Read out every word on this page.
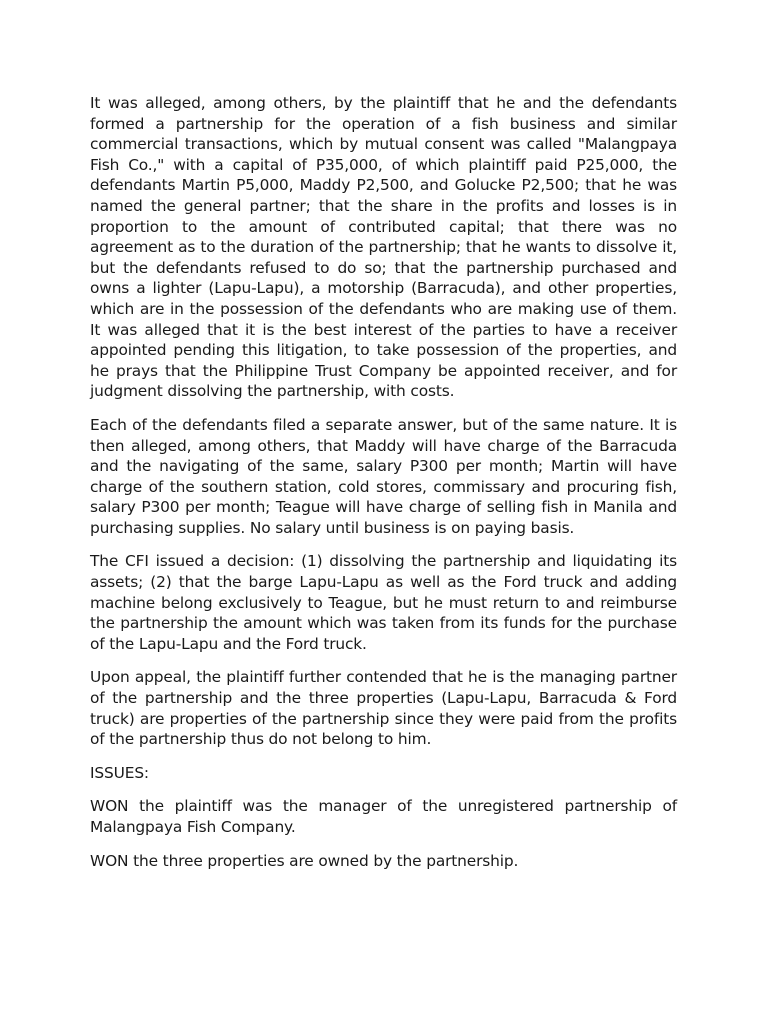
It was alleged, among others, by the plaintiff that he and the defendants formed a partnership for the operation of a fish business and similar commercial transactions, which by mutual consent was called "Malangpaya Fish Co.," with a capital of P35,000, of which plaintiff paid P25,000, the defendants Martin P5,000, Maddy P2,500, and Golucke P2,500; that he was named the general partner; that the share in the profits and losses is in proportion to the amount of contributed capital; that there was no agreement as to the duration of the partnership; that he wants to dissolve it, but the defendants refused to do so; that the partnership purchased and owns a lighter (Lapu-Lapu), a motorship (Barracuda), and other properties, which are in the possession of the defendants who are making use of them. It was alleged that it is the best interest of the parties to have a receiver appointed pending this litigation, to take possession of the properties, and he prays that the Philippine Trust Company be appointed receiver, and for judgment dissolving the partnership, with costs.

Each of the defendants filed a separate answer, but of the same nature. It is then alleged, among others, that Maddy will have charge of the Barracuda and the navigating of the same, salary P300 per month; Martin will have charge of the southern station, cold stores, commissary and procuring fish, salary P300 per month; Teague will have charge of selling fish in Manila and purchasing supplies. No salary until business is on paying basis.

The CFI issued a decision: (1) dissolving the partnership and liquidating its assets; (2) that the barge Lapu-Lapu as well as the Ford truck and adding machine belong exclusively to Teague, but he must return to and reimburse the partnership the amount which was taken from its funds for the purchase of the Lapu-Lapu and the Ford truck.

Upon appeal, the plaintiff further contended that he is the managing partner of the partnership and the three properties (Lapu-Lapu, Barracuda & Ford truck) are properties of the partnership since they were paid from the profits of the partnership thus do not belong to him.

ISSUES:

WON the plaintiff was the manager of the unregistered partnership of Malangpaya Fish Company.

WON the three properties are owned by the partnership.
